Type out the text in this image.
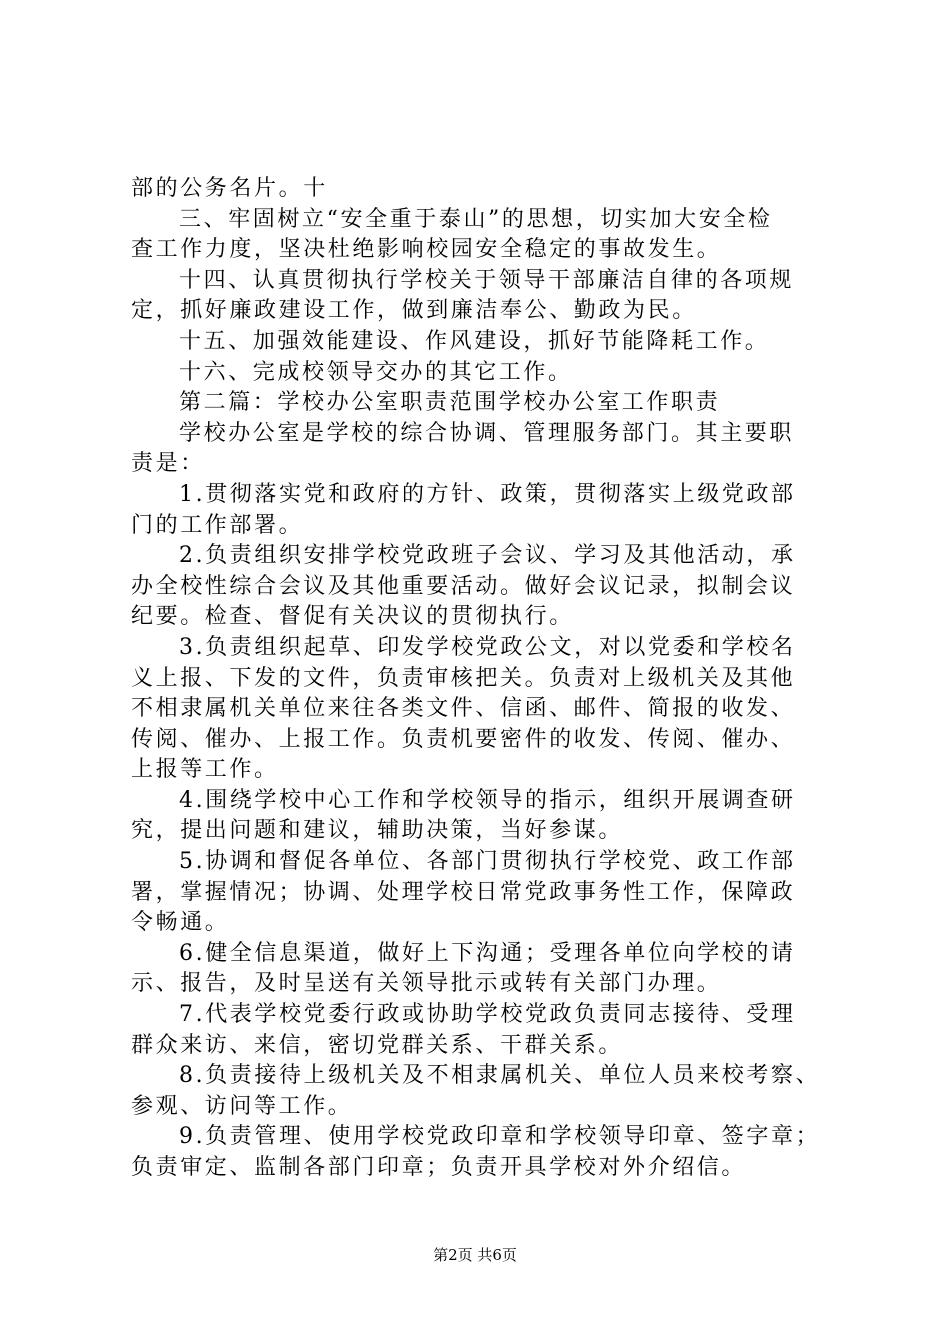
部的公务名片。十
三、牢固树立“安全重于泰山”的思想，切实加大安全检
查工作力度，坚决杜绝影响校园安全稳定的事故发生。
十四、认真贯彻执行学校关于领导干部廉洁自律的各项规
定，抓好廉政建设工作，做到廉洁奉公、勤政为民。
十五、加强效能建设、作风建设，抓好节能降耗工作。
十六、完成校领导交办的其它工作。
第二篇：学校办公室职责范围学校办公室工作职责
学校办公室是学校的综合协调、管理服务部门。其主要职
责是：
1.贯彻落实党和政府的方针、政策，贯彻落实上级党政部
门的工作部署。
2.负责组织安排学校党政班子会议、学习及其他活动，承
办全校性综合会议及其他重要活动。做好会议记录，拟制会议
纪要。检查、督促有关决议的贯彻执行。
3.负责组织起草、印发学校党政公文，对以党委和学校名
义上报、下发的文件，负责审核把关。负责对上级机关及其他
不相隶属机关单位来往各类文件、信函、邮件、简报的收发、
传阅、催办、上报工作。负责机要密件的收发、传阅、催办、
上报等工作。
4.围绕学校中心工作和学校领导的指示，组织开展调查研
究，提出问题和建议，辅助决策，当好参谋。
5.协调和督促各单位、各部门贯彻执行学校党、政工作部
署，掌握情况；协调、处理学校日常党政事务性工作，保障政
令畅通。
6.健全信息渠道，做好上下沟通；受理各单位向学校的请
示、报告，及时呈送有关领导批示或转有关部门办理。
7.代表学校党委行政或协助学校党政负责同志接待、受理
群众来访、来信，密切党群关系、干群关系。
8.负责接待上级机关及不相隶属机关、单位人员来校考察、
参观、访问等工作。
9.负责管理、使用学校党政印章和学校领导印章、签字章；
负责审定、监制各部门印章；负责开具学校对外介绍信。
第2页 共6页
